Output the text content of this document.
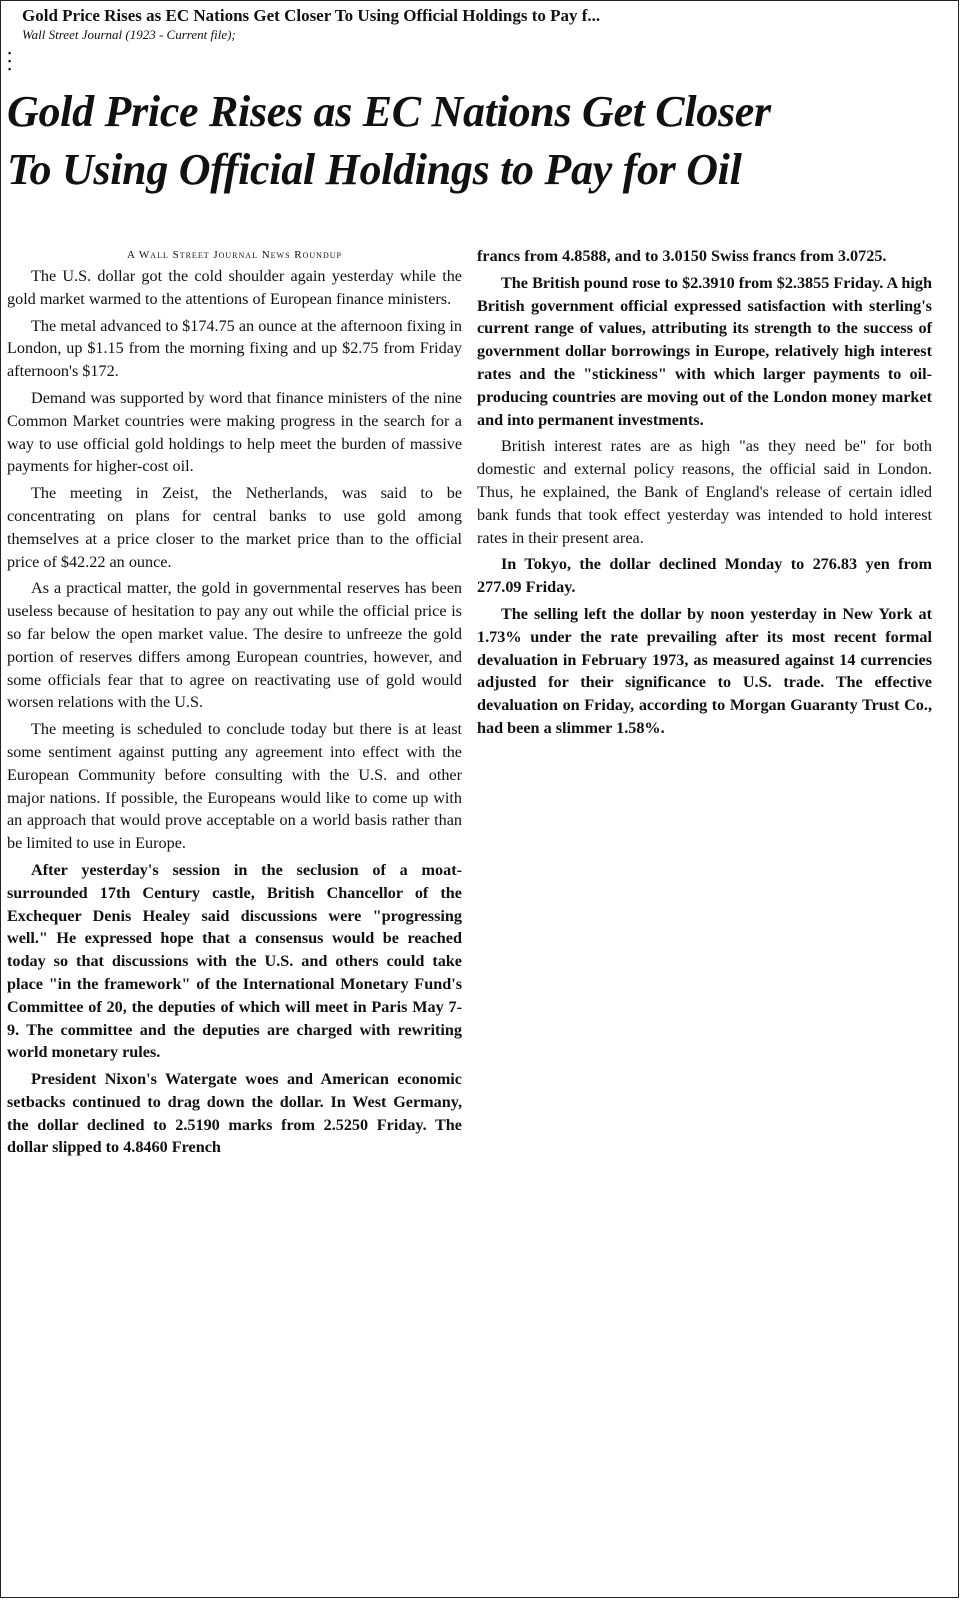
Gold Price Rises as EC Nations Get Closer To Using Official Holdings to Pay f...
Wall Street Journal (1923 - Current file);
▪
▪
▪
Gold Price Rises as EC Nations Get Closer
To Using Official Holdings to Pay for Oil
A Wall Street Journal News Roundup

The U.S. dollar got the cold shoulder again yesterday while the gold market warmed to the attentions of European finance ministers.

The metal advanced to $174.75 an ounce at the afternoon fixing in London, up $1.15 from the morning fixing and up $2.75 from Friday afternoon's $172.

Demand was supported by word that finance ministers of the nine Common Market countries were making progress in the search for a way to use official gold holdings to help meet the burden of massive payments for higher-cost oil.

The meeting in Zeist, the Netherlands, was said to be concentrating on plans for central banks to use gold among themselves at a price closer to the market price than to the official price of $42.22 an ounce.

As a practical matter, the gold in governmental reserves has been useless because of hesitation to pay any out while the official price is so far below the open market value. The desire to unfreeze the gold portion of reserves differs among European countries, however, and some officials fear that to agree on reactivating use of gold would worsen relations with the U.S.

The meeting is scheduled to conclude today but there is at least some sentiment against putting any agreement into effect with the European Community before consulting with the U.S. and other major nations. If possible, the Europeans would like to come up with an approach that would prove acceptable on a world basis rather than be limited to use in Europe.

After yesterday's session in the seclusion of a moat-surrounded 17th Century castle, British Chancellor of the Exchequer Denis Healey said discussions were "progressing well." He expressed hope that a consensus would be reached today so that discussions with the U.S. and others could take place "in the framework" of the International Monetary Fund's Committee of 20, the deputies of which will meet in Paris May 7-9. The committee and the deputies are charged with rewriting world monetary rules.

President Nixon's Watergate woes and American economic setbacks continued to drag down the dollar. In West Germany, the dollar declined to 2.5190 marks from 2.5250 Friday. The dollar slipped to 4.8460 French

francs from 4.8588, and to 3.0150 Swiss francs from 3.0725.

The British pound rose to $2.3910 from $2.3855 Friday. A high British government official expressed satisfaction with sterling's current range of values, attributing its strength to the success of government dollar borrowings in Europe, relatively high interest rates and the "stickiness" with which larger payments to oil-producing countries are moving out of the London money market and into permanent investments.

British interest rates are as high "as they need be" for both domestic and external policy reasons, the official said in London. Thus, he explained, the Bank of England's release of certain idled bank funds that took effect yesterday was intended to hold interest rates in their present area.

In Tokyo, the dollar declined Monday to 276.83 yen from 277.09 Friday.

The selling left the dollar by noon yesterday in New York at 1.73% under the rate prevailing after its most recent formal devaluation in February 1973, as measured against 14 currencies adjusted for their significance to U.S. trade. The effective devaluation on Friday, according to Morgan Guaranty Trust Co., had been a slimmer 1.58%.
